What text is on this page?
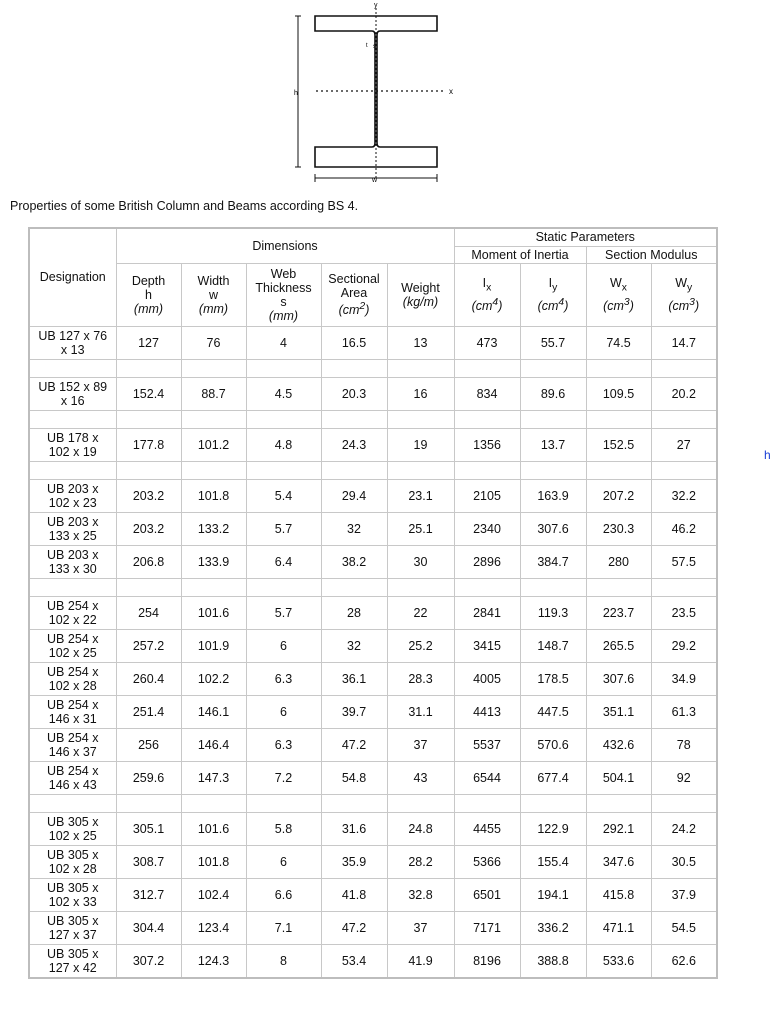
y
x
h
w
s
t

Properties of some British Column and Beams according BS 4.

Designation	Dimensions					Static Parameters			
						Moment of Inertia		Section Modulus	
	Depth
h
(mm)	Width
w
(mm)	Web
Thickness
s
(mm)	Sectional
Area
$(cm^2)$	Weight
(kg/m)	$I_x$
$(cm^4)$	$I_y$
$(cm^4)$	$W_x$
$(cm^3)$	$W_y$
$(cm^3)$
UB 127 x 76
x 13	127	76	4	16.5	13	473	55.7	74.5	14.7

UB 152 x 89
x 16	152.4	88.7	4.5	20.3	16	834	89.6	109.5	20.2

UB 178 x
102 x 19	177.8	101.2	4.8	24.3	19	1356	13.7	152.5	27

UB 203 x
102 x 23	203.2	101.8	5.4	29.4	23.1	2105	163.9	207.2	32.2
UB 203 x
133 x 25	203.2	133.2	5.7	32	25.1	2340	307.6	230.3	46.2
UB 203 x
133 x 30	206.8	133.9	6.4	38.2	30	2896	384.7	280	57.5

UB 254 x
102 x 22	254	101.6	5.7	28	22	2841	119.3	223.7	23.5
UB 254 x
102 x 25	257.2	101.9	6	32	25.2	3415	148.7	265.5	29.2
UB 254 x
102 x 28	260.4	102.2	6.3	36.1	28.3	4005	178.5	307.6	34.9
UB 254 x
146 x 31	251.4	146.1	6	39.7	31.1	4413	447.5	351.1	61.3
UB 254 x
146 x 37	256	146.4	6.3	47.2	37	5537	570.6	432.6	78
UB 254 x
146 x 43	259.6	147.3	7.2	54.8	43	6544	677.4	504.1	92

UB 305 x
102 x 25	305.1	101.6	5.8	31.6	24.8	4455	122.9	292.1	24.2
UB 305 x
102 x 28	308.7	101.8	6	35.9	28.2	5366	155.4	347.6	30.5
UB 305 x
102 x 33	312.7	102.4	6.6	41.8	32.8	6501	194.1	415.8	37.9
UB 305 x
127 x 37	304.4	123.4	7.1	47.2	37	7171	336.2	471.1	54.5
UB 305 x
127 x 42	307.2	124.3	8	53.4	41.9	8196	388.8	533.6	62.6
h
